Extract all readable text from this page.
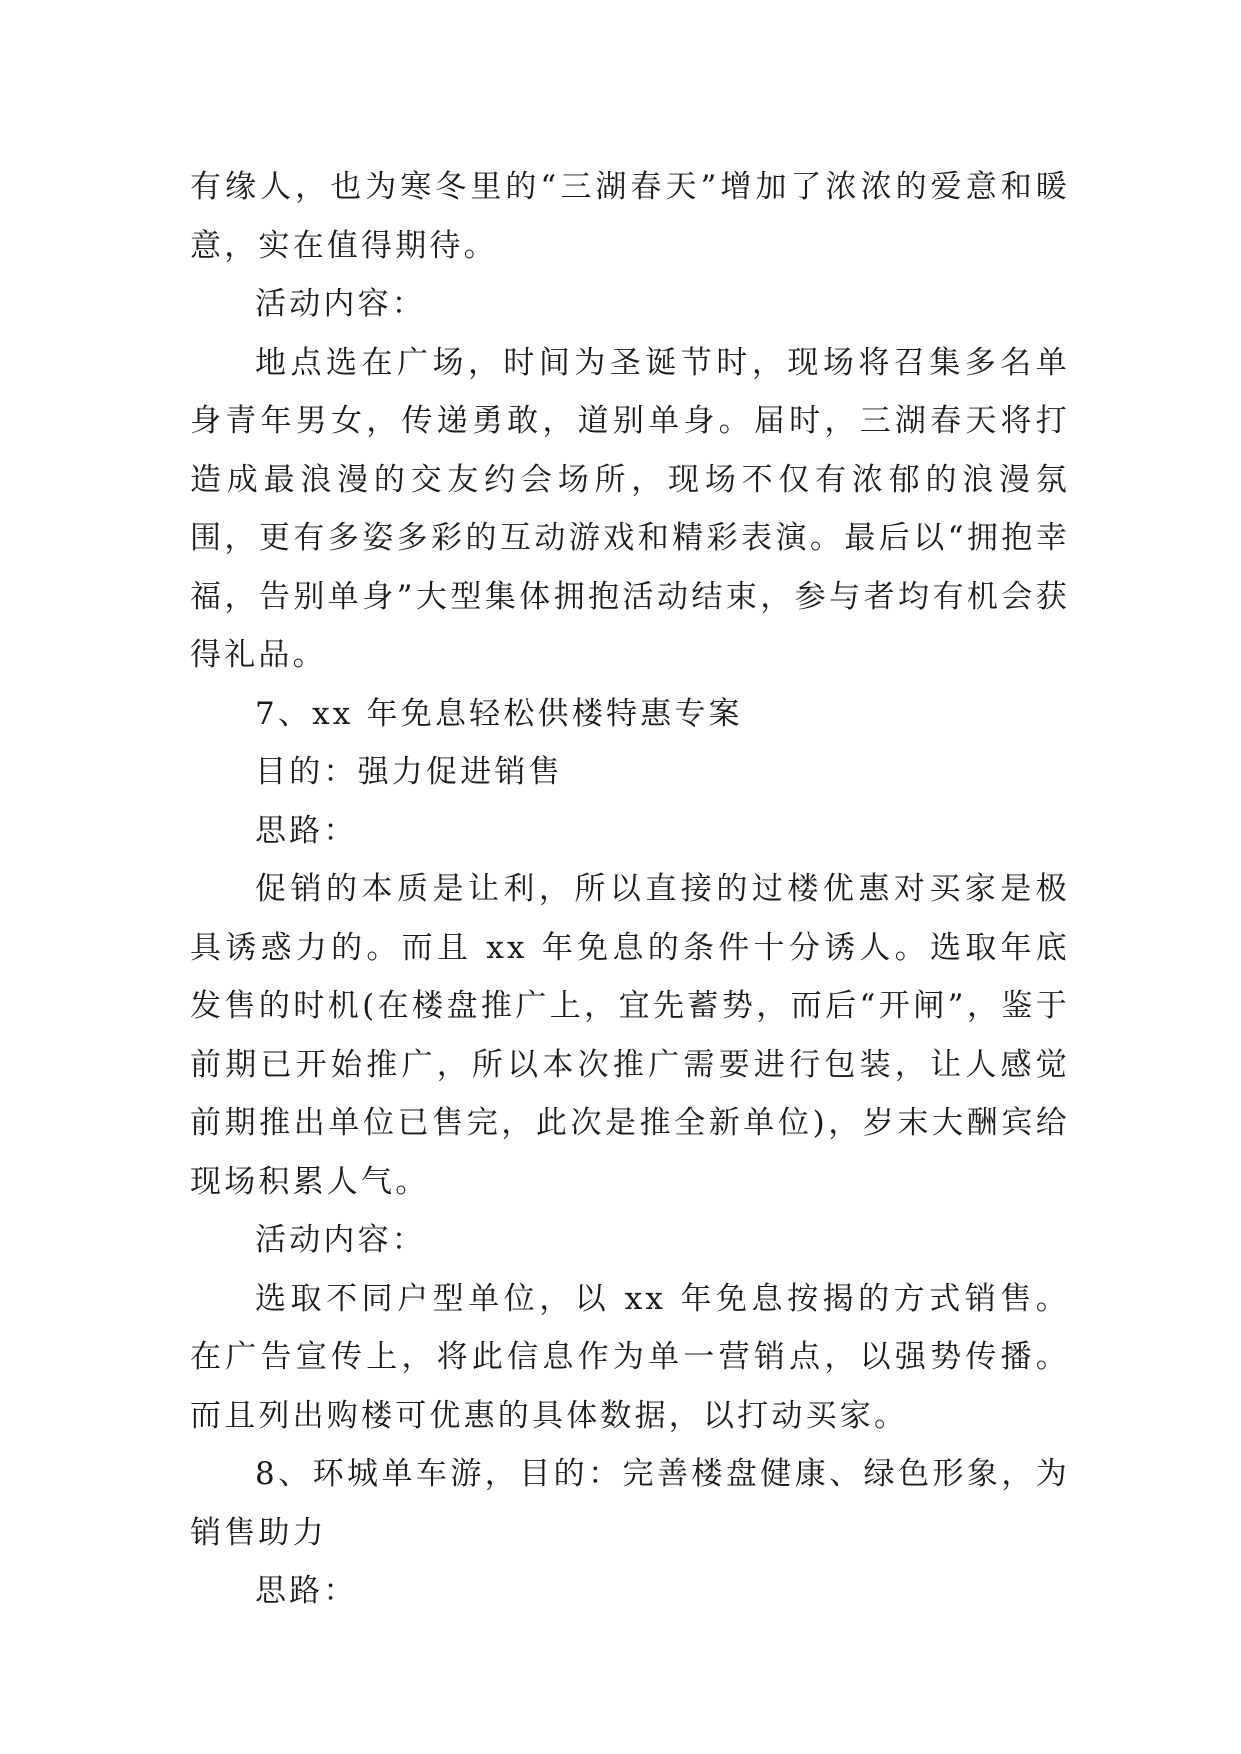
有缘人，也为寒冬里的“三湖春天”增加了浓浓的爱意和暖意，实在值得期待。

活动内容：

地点选在广场，时间为圣诞节时，现场将召集多名单身青年男女，传递勇敢，道别单身。届时，三湖春天将打造成最浪漫的交友约会场所，现场不仅有浓郁的浪漫氛围，更有多姿多彩的互动游戏和精彩表演。最后以“拥抱幸福，告别单身”大型集体拥抱活动结束，参与者均有机会获得礼品。

7、xx 年免息轻松供楼特惠专案

目的：强力促进销售

思路：

促销的本质是让利，所以直接的过楼优惠对买家是极具诱惑力的。而且 xx 年免息的条件十分诱人。选取年底发售的时机(在楼盘推广上，宜先蓄势，而后“开闸”，鉴于前期已开始推广，所以本次推广需要进行包装，让人感觉前期推出单位已售完，此次是推全新单位)，岁末大酬宾给现场积累人气。

活动内容：

选取不同户型单位，以 xx 年免息按揭的方式销售。在广告宣传上，将此信息作为单一营销点，以强势传播。而且列出购楼可优惠的具体数据，以打动买家。

8、环城单车游，目的：完善楼盘健康、绿色形象，为销售助力

思路：
